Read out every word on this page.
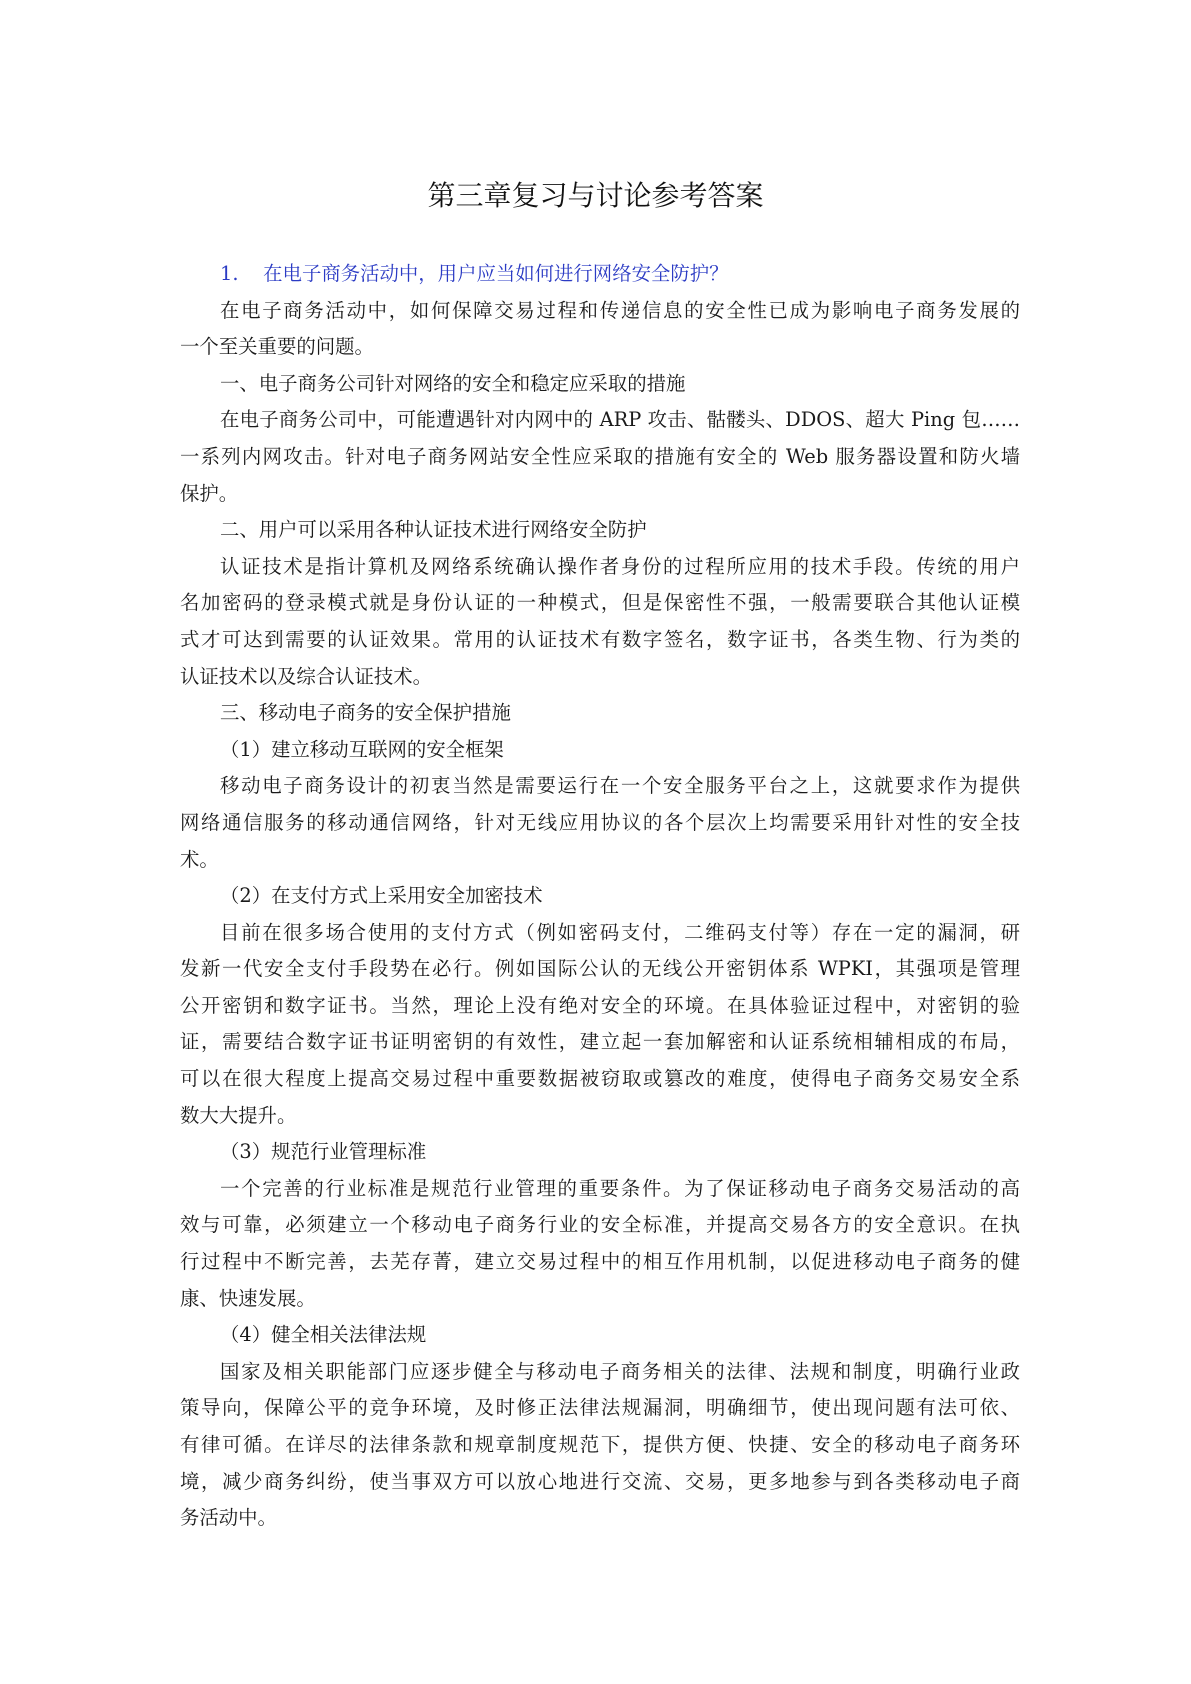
第三章复习与讨论参考答案
1. 在电子商务活动中，用户应当如何进行网络安全防护？
在电子商务活动中，如何保障交易过程和传递信息的安全性已成为影响电子商务发展的
一个至关重要的问题。
一、电子商务公司针对网络的安全和稳定应采取的措施
在电子商务公司中，可能遭遇针对内网中的 ARP 攻击、骷髅头、DDOS、超大 Ping 包……
一系列内网攻击。针对电子商务网站安全性应采取的措施有安全的 Web 服务器设置和防火墙
保护。
二、用户可以采用各种认证技术进行网络安全防护
认证技术是指计算机及网络系统确认操作者身份的过程所应用的技术手段。传统的用户
名加密码的登录模式就是身份认证的一种模式，但是保密性不强，一般需要联合其他认证模
式才可达到需要的认证效果。常用的认证技术有数字签名，数字证书，各类生物、行为类的
认证技术以及综合认证技术。
三、移动电子商务的安全保护措施
（1）建立移动互联网的安全框架
移动电子商务设计的初衷当然是需要运行在一个安全服务平台之上，这就要求作为提供
网络通信服务的移动通信网络，针对无线应用协议的各个层次上均需要采用针对性的安全技
术。
（2）在支付方式上采用安全加密技术
目前在很多场合使用的支付方式（例如密码支付，二维码支付等）存在一定的漏洞，研
发新一代安全支付手段势在必行。例如国际公认的无线公开密钥体系 WPKI，其强项是管理
公开密钥和数字证书。当然，理论上没有绝对安全的环境。在具体验证过程中，对密钥的验
证，需要结合数字证书证明密钥的有效性，建立起一套加解密和认证系统相辅相成的布局，
可以在很大程度上提高交易过程中重要数据被窃取或篡改的难度，使得电子商务交易安全系
数大大提升。
（3）规范行业管理标准
一个完善的行业标准是规范行业管理的重要条件。为了保证移动电子商务交易活动的高
效与可靠，必须建立一个移动电子商务行业的安全标准，并提高交易各方的安全意识。在执
行过程中不断完善，去芜存菁，建立交易过程中的相互作用机制，以促进移动电子商务的健
康、快速发展。
（4）健全相关法律法规
国家及相关职能部门应逐步健全与移动电子商务相关的法律、法规和制度，明确行业政
策导向，保障公平的竞争环境，及时修正法律法规漏洞，明确细节，使出现问题有法可依、
有律可循。在详尽的法律条款和规章制度规范下，提供方便、快捷、安全的移动电子商务环
境，减少商务纠纷，使当事双方可以放心地进行交流、交易，更多地参与到各类移动电子商
务活动中。
